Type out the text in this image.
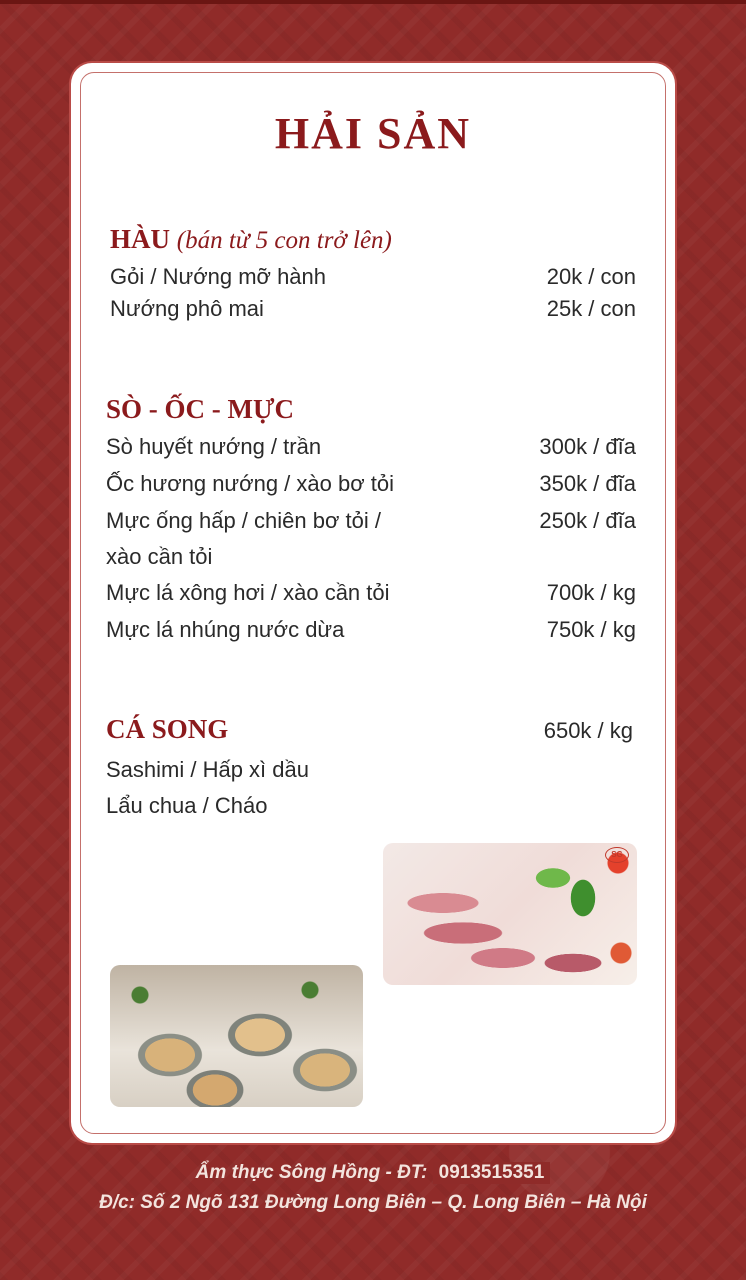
HẢI SẢN
HÀU (bán từ 5 con trở lên)
Gỏi / Nướng mỡ hành	20k / con
Nướng phô mai	25k / con
SÒ - ỐC - MỰC
Sò huyết nướng / trần	300k / đĩa
Ốc hương nướng / xào bơ tỏi	350k / đĩa
Mực ống hấp / chiên bơ tỏi /	250k / đĩa
xào cần tỏi
Mực lá xông hơi / xào cần tỏi	700k / kg
Mực lá nhúng nước dừa	750k / kg
CÁ SONG	650k / kg
Sashimi / Hấp xì dầu
Lẩu chua / Cháo
SG
Ẩm thực Sông Hồng - ĐT: 0913515351
Đ/c: Số 2 Ngõ 131 Đường Long Biên – Q. Long Biên – Hà Nội
